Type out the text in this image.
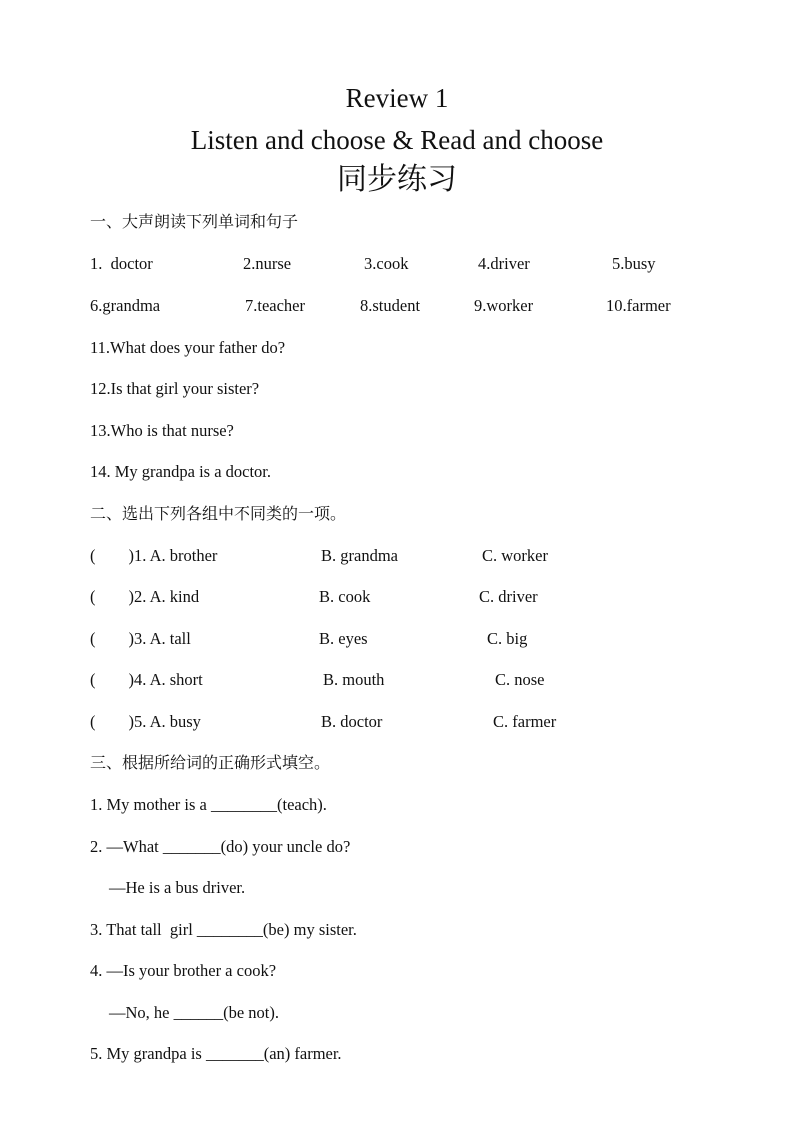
Review 1
Listen and choose & Read and choose
同步练习
一、大声朗读下列单词和句子
1.  doctor	2.nurse	3.cook	4.driver	5.busy
6.grandma	7.teacher	8.student	9.worker	10.farmer
11.What does your father do?
12.Is that girl your sister?
13.Who is that nurse?
14. My grandpa is a doctor.
二、选出下列各组中不同类的一项。
(        )1. A. brother	B. grandma	C. worker
(        )2. A. kind	B. cook	C. driver
(        )3. A. tall	B. eyes	C. big
(        )4. A. short	B. mouth	C. nose
(        )5. A. busy	B. doctor	C. farmer
三、根据所给词的正确形式填空。
1. My mother is a ________(teach).
2. —What _______(do) your uncle do?
—He is a bus driver.
3. That tall  girl ________(be) my sister.
4. —Is your brother a cook?
—No, he ______(be not).
5. My grandpa is _______(an) farmer.
